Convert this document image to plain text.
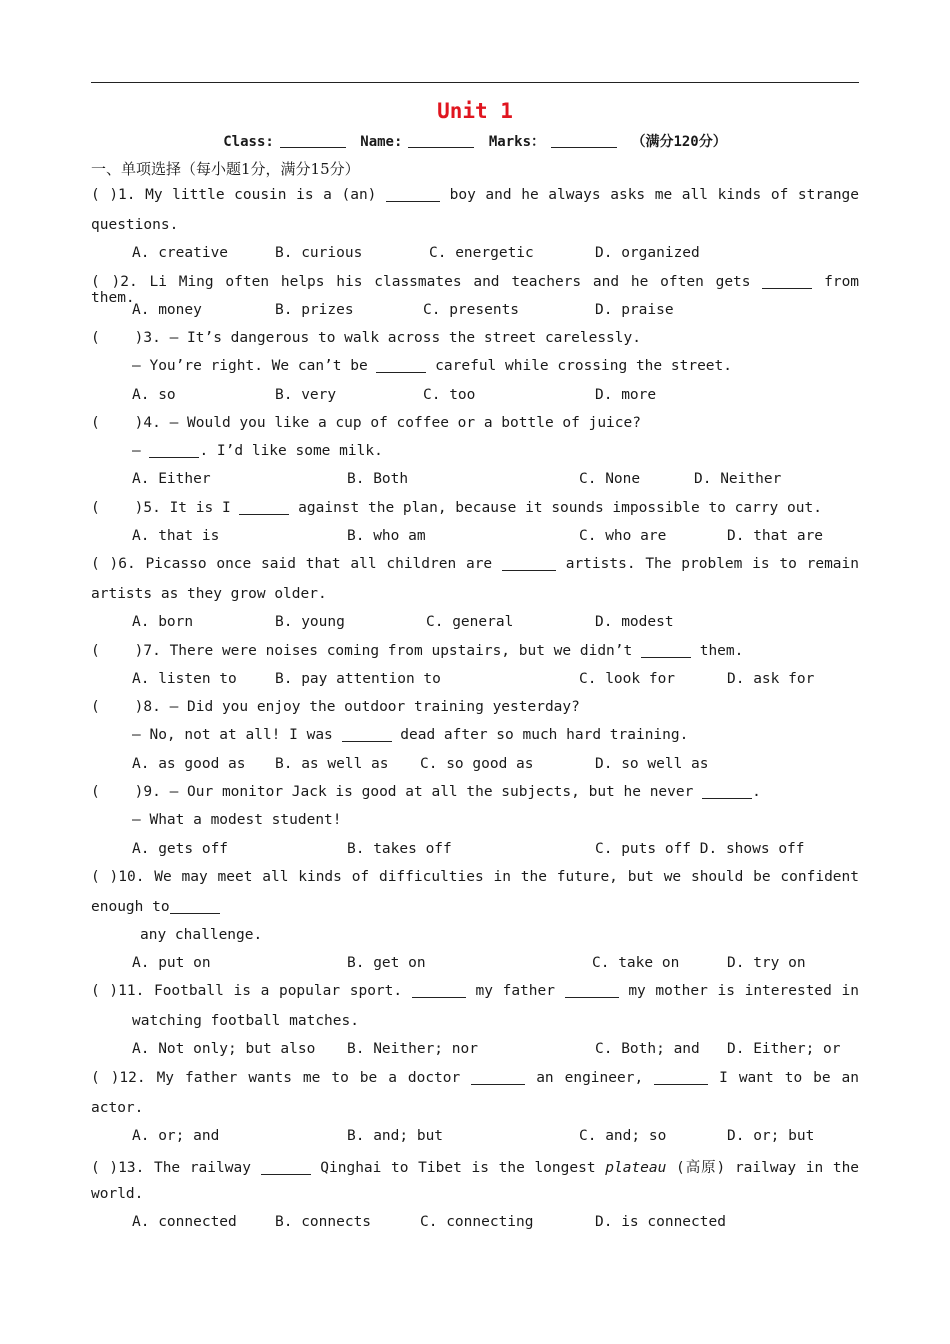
Unit 1
Class:	Name:	Marks：	（满分120分）
一、单项选择（每小题1分，满分15分）
( )1. My little cousin is a (an)	boy and he always asks me all kinds of strange
questions.
A. creative	B. curious	C. energetic	D. organized
( )2. Li Ming often helps his classmates and teachers and he often gets	from them.
A. money	B. prizes	C. presents	D. praise
(    )3. — It’s dangerous to walk across the street carelessly.
— You’re right. We can’t be	careful while crossing the street.
A. so	B. very	C. too	D. more
(    )4. — Would you like a cup of coffee or a bottle of juice?
—	. I’d like some milk.
A. Either	B. Both	C. None	D. Neither
(    )5. It is I	against the plan, because it sounds impossible to carry out.
A. that is	B. who am	C. who are	D. that are
( )6. Picasso once said that all children are	artists. The problem is to remain
artists as they grow older.
A. born	B. young	C. general	D. modest
(    )7. There were noises coming from upstairs, but we didn’t	them.
A. listen to	B. pay attention to	C. look for	D. ask for
(    )8. — Did you enjoy the outdoor training yesterday?
— No, not at all! I was	dead after so much hard training.
A. as good as B. as well as C. so good as	D. so well as
(    )9. — Our monitor Jack is good at all the subjects, but he never	.
— What a modest student!
A. gets off	B. takes off	C. puts off D. shows off
( )10. We may meet all kinds of difficulties in the future, but we should be confident
enough to
any challenge.
A. put on	B. get on	C. take on	D. try on
( )11. Football is a popular sport.	my father	my mother is interested in
watching football matches.
A. Not only; but also B. Neither; nor	C. Both; and D. Either; or
( )12. My father wants me to be a doctor	an engineer,	I want to be an
actor.
A. or; and	B. and; but	C. and; so	D. or; but
( )13. The railway	Qinghai to Tibet is the longest plateau (高原) railway in the
world.
A. connected	B. connects	C. connecting	D. is connected
